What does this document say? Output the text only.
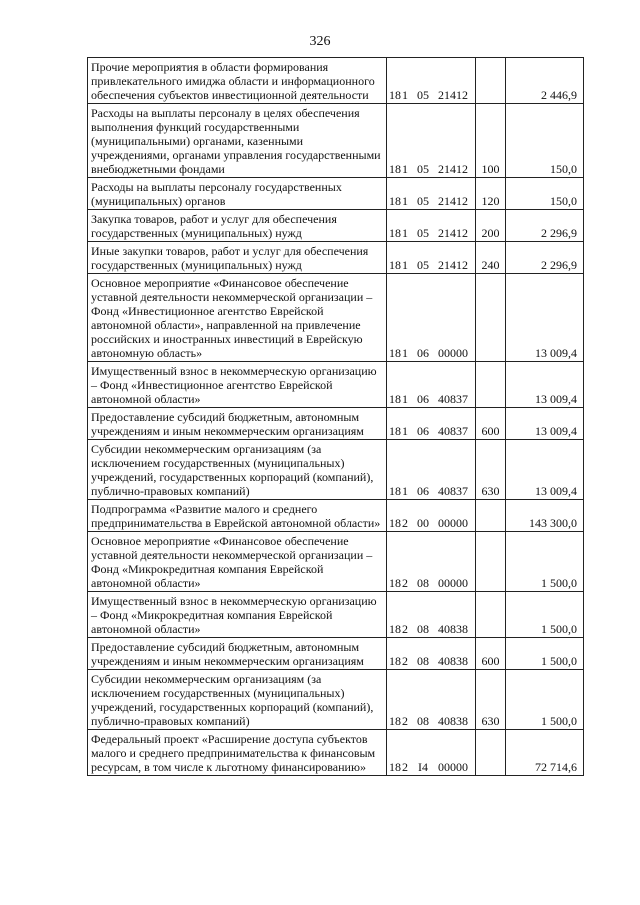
326
Прочие мероприятия в области формирования привлекательного имиджа области и информационного обеспечения субъектов инвестиционной деятельности	18 1 05 21412		2 446,9
Расходы на выплаты персоналу в целях обеспечения выполнения функций государственными (муниципальными) органами, казенными учреждениями, органами управления государственными внебюджетными фондами	18 1 05 21412	100	150,0
Расходы на выплаты персоналу государственных (муниципальных) органов	18 1 05 21412	120	150,0
Закупка товаров, работ и услуг для обеспечения государственных (муниципальных) нужд	18 1 05 21412	200	2 296,9
Иные закупки товаров, работ и услуг для обеспечения государственных (муниципальных) нужд	18 1 05 21412	240	2 296,9
Основное мероприятие «Финансовое обеспечение уставной деятельности некоммерческой организации – Фонд «Инвестиционное агентство Еврейской автономной области», направленной на привлечение российских и иностранных инвестиций в Еврейскую автономную область»	18 1 06 00000		13 009,4
Имущественный взнос в некоммерческую организацию – Фонд «Инвестиционное агентство Еврейской автономной области»	18 1 06 40837		13 009,4
Предоставление субсидий бюджетным, автономным учреждениям и иным некоммерческим организациям	18 1 06 40837	600	13 009,4
Субсидии некоммерческим организациям (за исключением государственных (муниципальных) учреждений, государственных корпораций (компаний), публично-правовых компаний)	18 1 06 40837	630	13 009,4
Подпрограмма «Развитие малого и среднего предпринимательства в Еврейской автономной области»	18 2 00 00000		143 300,0
Основное мероприятие «Финансовое обеспечение уставной деятельности некоммерческой организации – Фонд «Микрокредитная компания Еврейской автономной области»	18 2 08 00000		1 500,0
Имущественный взнос в некоммерческую организацию – Фонд «Микрокредитная компания Еврейской автономной области»	18 2 08 40838		1 500,0
Предоставление субсидий бюджетным, автономным учреждениям и иным некоммерческим организациям	18 2 08 40838	600	1 500,0
Субсидии некоммерческим организациям (за исключением государственных (муниципальных) учреждений, государственных корпораций (компаний), публично-правовых компаний)	18 2 08 40838	630	1 500,0
Федеральный проект «Расширение доступа субъектов малого и среднего предпринимательства к финансовым ресурсам, в том числе к льготному финансированию»	18 2 I4 00000		72 714,6
